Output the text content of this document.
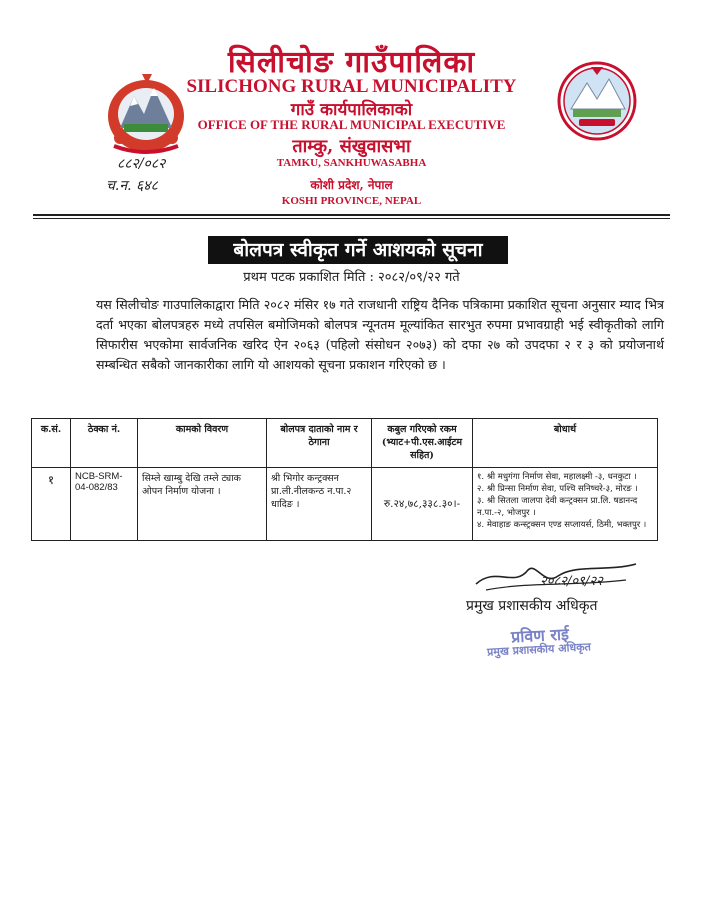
सिलीचोङ गाउँपालिका
SILICHONG RURAL MUNICIPALITY
गाउँ कार्यपालिकाको
OFFICE OF THE RURAL MUNICIPAL EXECUTIVE
ताम्कु, संखुवासभा
TAMKU, SANKHUWASABHA
कोशी प्रदेश, नेपाल
KOSHI PROVINCE, NEPAL
८८२/०८२
च.न. ६४८
बोलपत्र स्वीकृत गर्ने आशयको सूचना
प्रथम पटक प्रकाशित मिति : २०८२/०९/२२ गते
यस सिलीचोङ गाउपालिकाद्वारा मिति २०८२ मंसिर १७ गते राजधानी राष्ट्रिय दैनिक पत्रिकामा प्रकाशित सूचना अनुसार म्याद भित्र दर्ता भएका बोलपत्रहरु मध्ये तपसिल बमोजिमको बोलपत्र न्यूनतम मूल्यांकित सारभुत रुपमा प्रभावग्राही भई स्वीकृतीको लागि सिफारीस भएकोमा सार्वजनिक खरिद ऐन २०६३ (पहिलो संसोधन २०७३) को दफा २७ को उपदफा २ र ३ को प्रयोजनार्थ सम्बन्धित सबैको जानकारीका लागि यो आशयको सूचना प्रकाशन गरिएको छ ।
क.सं.	ठेक्का नं.	कामको विवरण	बोलपत्र दाताको नाम र ठेगाना	कबुल गरिएको रकम (भ्याट+पी.एस.आईटम सहित)	बोधार्थ
१	NCB-SRM-04-082/83	सिम्ले खाम्बु देखि तम्ले ट्याक ओपन निर्माण योजना ।	श्री भिगोर कन्ट्रक्सन प्रा.ली.नीलकन्ठ न.पा.२ धादिङ ।	रु.२४,७८,३३८.३०।-	१. श्री मधुगंगा निर्माण सेवा, महालक्ष्मी -३, धनकुटा ।
२. श्री प्रिन्सा निर्माण सेवा, पश्चि सनिष्चरे-३, मोरङ ।
३. श्री सितला जालपा देवी कन्ट्रक्सन प्रा.लि. षडानन्द न.पा.-२, भोजपुर ।
४. मेवाहाङ कन्स्ट्रक्सन एण्ड सप्लायर्स, ठिमी, भक्तपुर ।
२०८२/०९/२२
प्रमुख प्रशासकीय अधिकृत
प्रविण राई
प्रमुख प्रशासकीय अधिकृत
